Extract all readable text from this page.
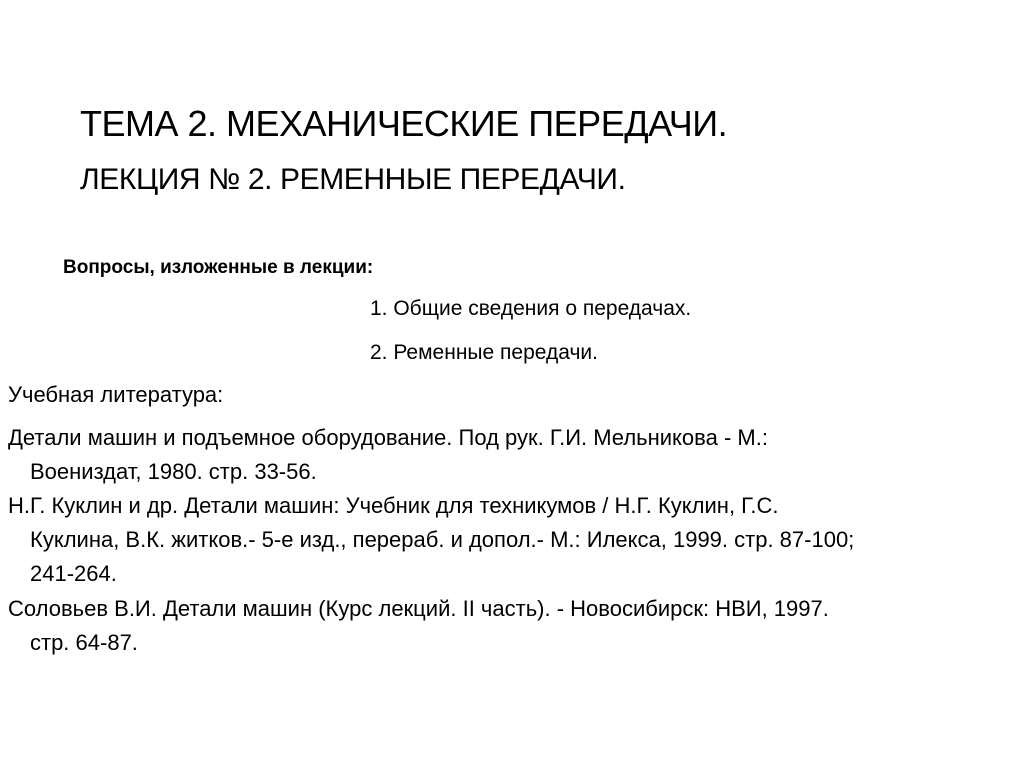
ТЕМА 2. МЕХАНИЧЕСКИЕ ПЕРЕДАЧИ.
ЛЕКЦИЯ № 2. РЕМЕННЫЕ ПЕРЕДАЧИ.
Вопросы, изложенные в лекции:
1. Общие сведения о передачах.
2. Ременные передачи.
Учебная литература:
Детали машин и подъемное оборудование. Под рук. Г.И. Мельникова - М.:
Воениздат, 1980. стр. 33-56.
Н.Г. Куклин и др. Детали машин: Учебник для техникумов / Н.Г. Куклин, Г.С.
Куклина, В.К. житков.- 5-е изд., перераб. и допол.- М.: Илекса, 1999. стр. 87-100;
241-264.
Соловьев В.И. Детали машин (Курс лекций. II часть). - Новосибирск: НВИ, 1997.
стр. 64-87.
